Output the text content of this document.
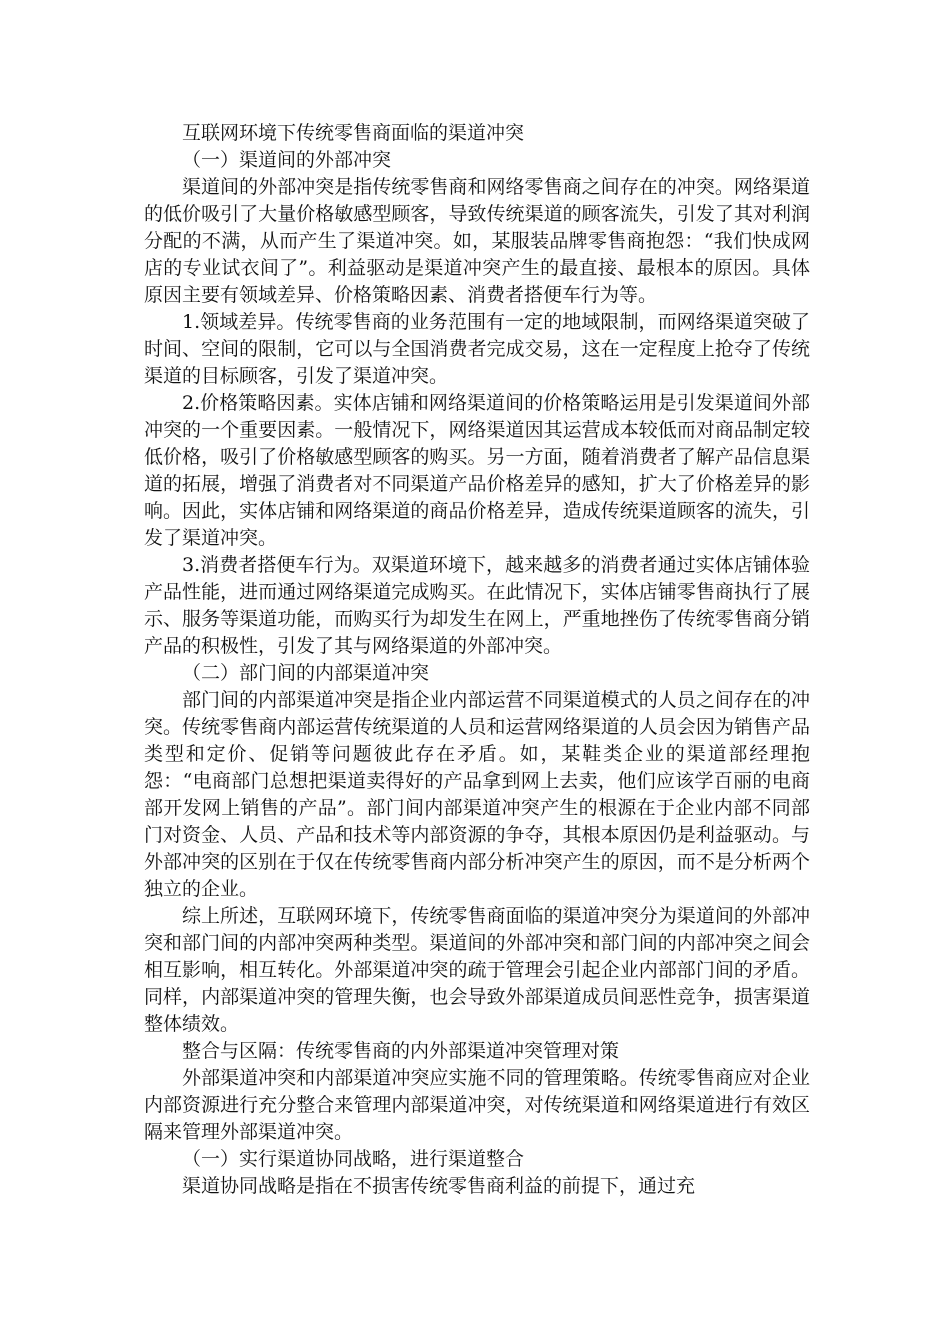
互联网环境下传统零售商面临的渠道冲突

（一）渠道间的外部冲突

渠道间的外部冲突是指传统零售商和网络零售商之间存在的冲突。网络渠道的低价吸引了大量价格敏感型顾客，导致传统渠道的顾客流失，引发了其对利润分配的不满，从而产生了渠道冲突。如，某服装品牌零售商抱怨：“我们快成网店的专业试衣间了”。利益驱动是渠道冲突产生的最直接、最根本的原因。具体原因主要有领域差异、价格策略因素、消费者搭便车行为等。

1.领域差异。传统零售商的业务范围有一定的地域限制，而网络渠道突破了时间、空间的限制，它可以与全国消费者完成交易，这在一定程度上抢夺了传统渠道的目标顾客，引发了渠道冲突。

2.价格策略因素。实体店铺和网络渠道间的价格策略运用是引发渠道间外部冲突的一个重要因素。一般情况下，网络渠道因其运营成本较低而对商品制定较低价格，吸引了价格敏感型顾客的购买。另一方面，随着消费者了解产品信息渠道的拓展，增强了消费者对不同渠道产品价格差异的感知，扩大了价格差异的影响。因此，实体店铺和网络渠道的商品价格差异，造成传统渠道顾客的流失，引发了渠道冲突。

3.消费者搭便车行为。双渠道环境下，越来越多的消费者通过实体店铺体验产品性能，进而通过网络渠道完成购买。在此情况下，实体店铺零售商执行了展示、服务等渠道功能，而购买行为却发生在网上，严重地挫伤了传统零售商分销产品的积极性，引发了其与网络渠道的外部冲突。

（二）部门间的内部渠道冲突

部门间的内部渠道冲突是指企业内部运营不同渠道模式的人员之间存在的冲突。传统零售商内部运营传统渠道的人员和运营网络渠道的人员会因为销售产品类型和定价、促销等问题彼此存在矛盾。如，某鞋类企业的渠道部经理抱怨：“电商部门总想把渠道卖得好的产品拿到网上去卖，他们应该学百丽的电商部开发网上销售的产品”。部门间内部渠道冲突产生的根源在于企业内部不同部门对资金、人员、产品和技术等内部资源的争夺，其根本原因仍是利益驱动。与外部冲突的区别在于仅在传统零售商内部分析冲突产生的原因，而不是分析两个独立的企业。

综上所述，互联网环境下，传统零售商面临的渠道冲突分为渠道间的外部冲突和部门间的内部冲突两种类型。渠道间的外部冲突和部门间的内部冲突之间会相互影响，相互转化。外部渠道冲突的疏于管理会引起企业内部部门间的矛盾。同样，内部渠道冲突的管理失衡，也会导致外部渠道成员间恶性竞争，损害渠道整体绩效。

整合与区隔：传统零售商的内外部渠道冲突管理对策

外部渠道冲突和内部渠道冲突应实施不同的管理策略。传统零售商应对企业内部资源进行充分整合来管理内部渠道冲突，对传统渠道和网络渠道进行有效区隔来管理外部渠道冲突。

（一）实行渠道协同战略，进行渠道整合

渠道协同战略是指在不损害传统零售商利益的前提下，通过充
